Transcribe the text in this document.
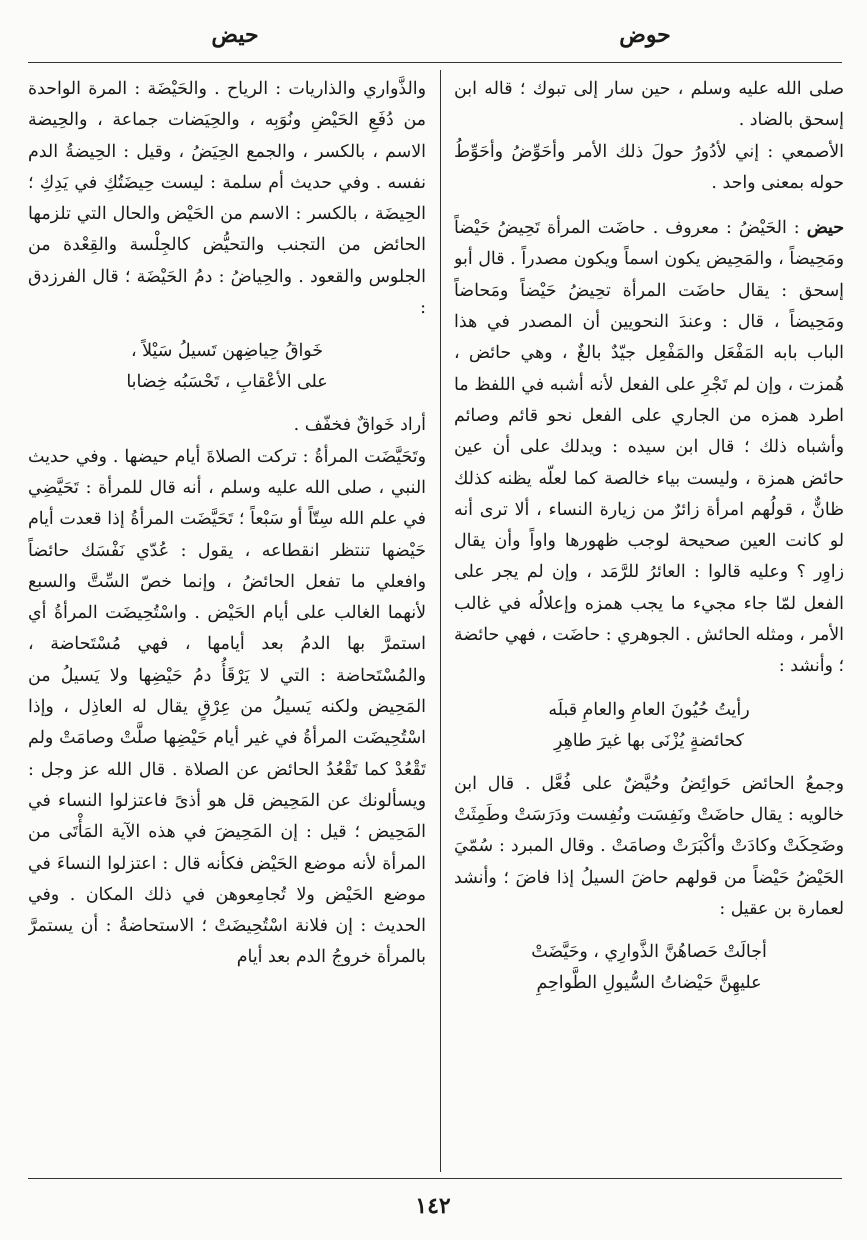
حوض
حيض

صلى الله عليه وسلم ، حين سار إلى تبوك ؛ قاله ابن إسحق بالضاد .

الأصمعي : إني لأدُورُ حولَ ذلك الأمر وأحَوِّضُ وأحَوِّطُ حوله بمعنى واحد .

حيض : الحَيْضُ : معروف . حاضَت المرأة تَحِيضُ حَيْضاً ومَحِيضاً ، والمَحِيض يكون اسماً ويكون مصدراً . قال أبو إسحق : يقال حاضَت المرأة تحِيضُ حَيْضاً ومَحاضاً ومَحِيضاً ، قال : وعندَ النحويين أن المصدر في هذا الباب بابه المَفْعَل والمَفْعِل جيّدٌ بالغٌ ، وهي حائض ، هُمزت ، وإن لم تَجْرِ على الفعل لأنه أشبه في اللفظ ما اطرد همزه من الجاري على الفعل نحو قائم وصائم وأشباه ذلك ؛ قال ابن سيده : ويدلك على أن عين حائض همزة ، وليست بياء خالصة كما لعلّه يظنه كذلك ظانٌّ ، قولُهم امرأة زائرٌ من زيارة النساء ، ألا ترى أنه لو كانت العين صحيحة لوجب ظهورها واواً وأن يقال زاوِر ؟ وعليه قالوا : العائرُ للرَّمَد ، وإن لم يجر على الفعل لمّا جاء مجيء ما يجب همزه وإعلالُه في غالب الأمر ، ومثله الحائش . الجوهري : حاضَت ، فهي حائضة ؛ وأنشد :

رأيتُ حُيُونَ العامِ والعامِ قبلَه
كحائضةٍ يُزْنَى بها غيرَ طاهِرِ

وجمعُ الحائض حَوائِضُ وحُيَّضٌ على فُعَّل . قال ابن خالويه : يقال حاضَتْ ونَفِسَت ونُفِست ودَرَسَتْ وطَمِثَتْ وضَحِكَتْ وكادَتْ وأكْبَرَتْ وصامَتْ . وقال المبرد : سُمّيَ الحَيْضُ حَيْضاً من قولهم حاضَ السيلُ إذا فاضَ ؛ وأنشد لعمارة بن عقيل :

أجالَتْ حَصاهُنَّ الذَّوارِي ، وحَيَّضَتْ
عليهِنَّ حَيْضاتُ السُّيولِ الطَّواحِمِ

والذَّواري والذاريات : الرياح . والحَيْضَة : المرة الواحدة من دُفَعِ الحَيْضِ ونُوَبِه ، والحِيَضات جماعة ، والحِيضة الاسم ، بالكسر ، والجمع الحِيَضُ ، وقيل : الحِيضةُ الدم نفسه . وفي حديث أم سلمة : ليست حِيضَتُكِ في يَدِكِ ؛ الحِيضَة ، بالكسر : الاسم من الحَيْض والحال التي تلزمها الحائض من التجنب والتحيُّض كالجِلْسة والقِعْدة من الجلوس والقعود . والحِياضُ : دمُ الحَيْضَة ؛ قال الفرزدق :

خَواقُ حِياضِهن تَسيلُ سَيْلاً ،
على الأعْقابِ ، تَحْسَبُه خِضابا

أراد خَواقٌ فخفّف .

وتَحَيَّضَت المرأةُ : تركت الصلاةَ أيام حيضها . وفي حديث النبي ، صلى الله عليه وسلم ، أنه قال للمرأة : تَحَيَّضِي في علم الله سِتّاً أو سَبْعاً ؛ تَحَيَّضَت المرأةُ إذا قعدت أيام حَيْضها تنتظر انقطاعه ، يقول : عُدّي نَفْسَك حائضاً وافعلي ما تفعل الحائضُ ، وإنما خصّ السِّتَّ والسبع لأنهما الغالب على أيام الحَيْض . واسْتُحِيضَت المرأةُ أي استمرَّ بها الدمُ بعد أيامها ، فهي مُسْتَحاضة ، والمُسْتَحاضة : التي لا يَرْقَأُ دمُ حَيْضِها ولا يَسيلُ من المَحِيض ولكنه يَسيلُ من عِرْقٍ يقال له العاذِل ، وإذا اسْتُحِيضَت المرأةُ في غير أيام حَيْضِها صلَّتْ وصامَتْ ولم تَقْعُدْ كما تَقْعُدُ الحائض عن الصلاة . قال الله عز وجل : ويسألونك عن المَحِيض قل هو أذىً فاعتزلوا النساء في المَحِيض ؛ قيل : إن المَحِيضَ في هذه الآية المَأْتَى من المرأة لأنه موضع الحَيْض فكأنه قال : اعتزلوا النساءَ في موضع الحَيْض ولا تُجامِعوهن في ذلك المكان . وفي الحديث : إن فلانة اسْتُحِيضَتْ ؛ الاستحاضةُ : أن يستمرَّ بالمرأة خروجُ الدم بعد أيام

١٤٢
